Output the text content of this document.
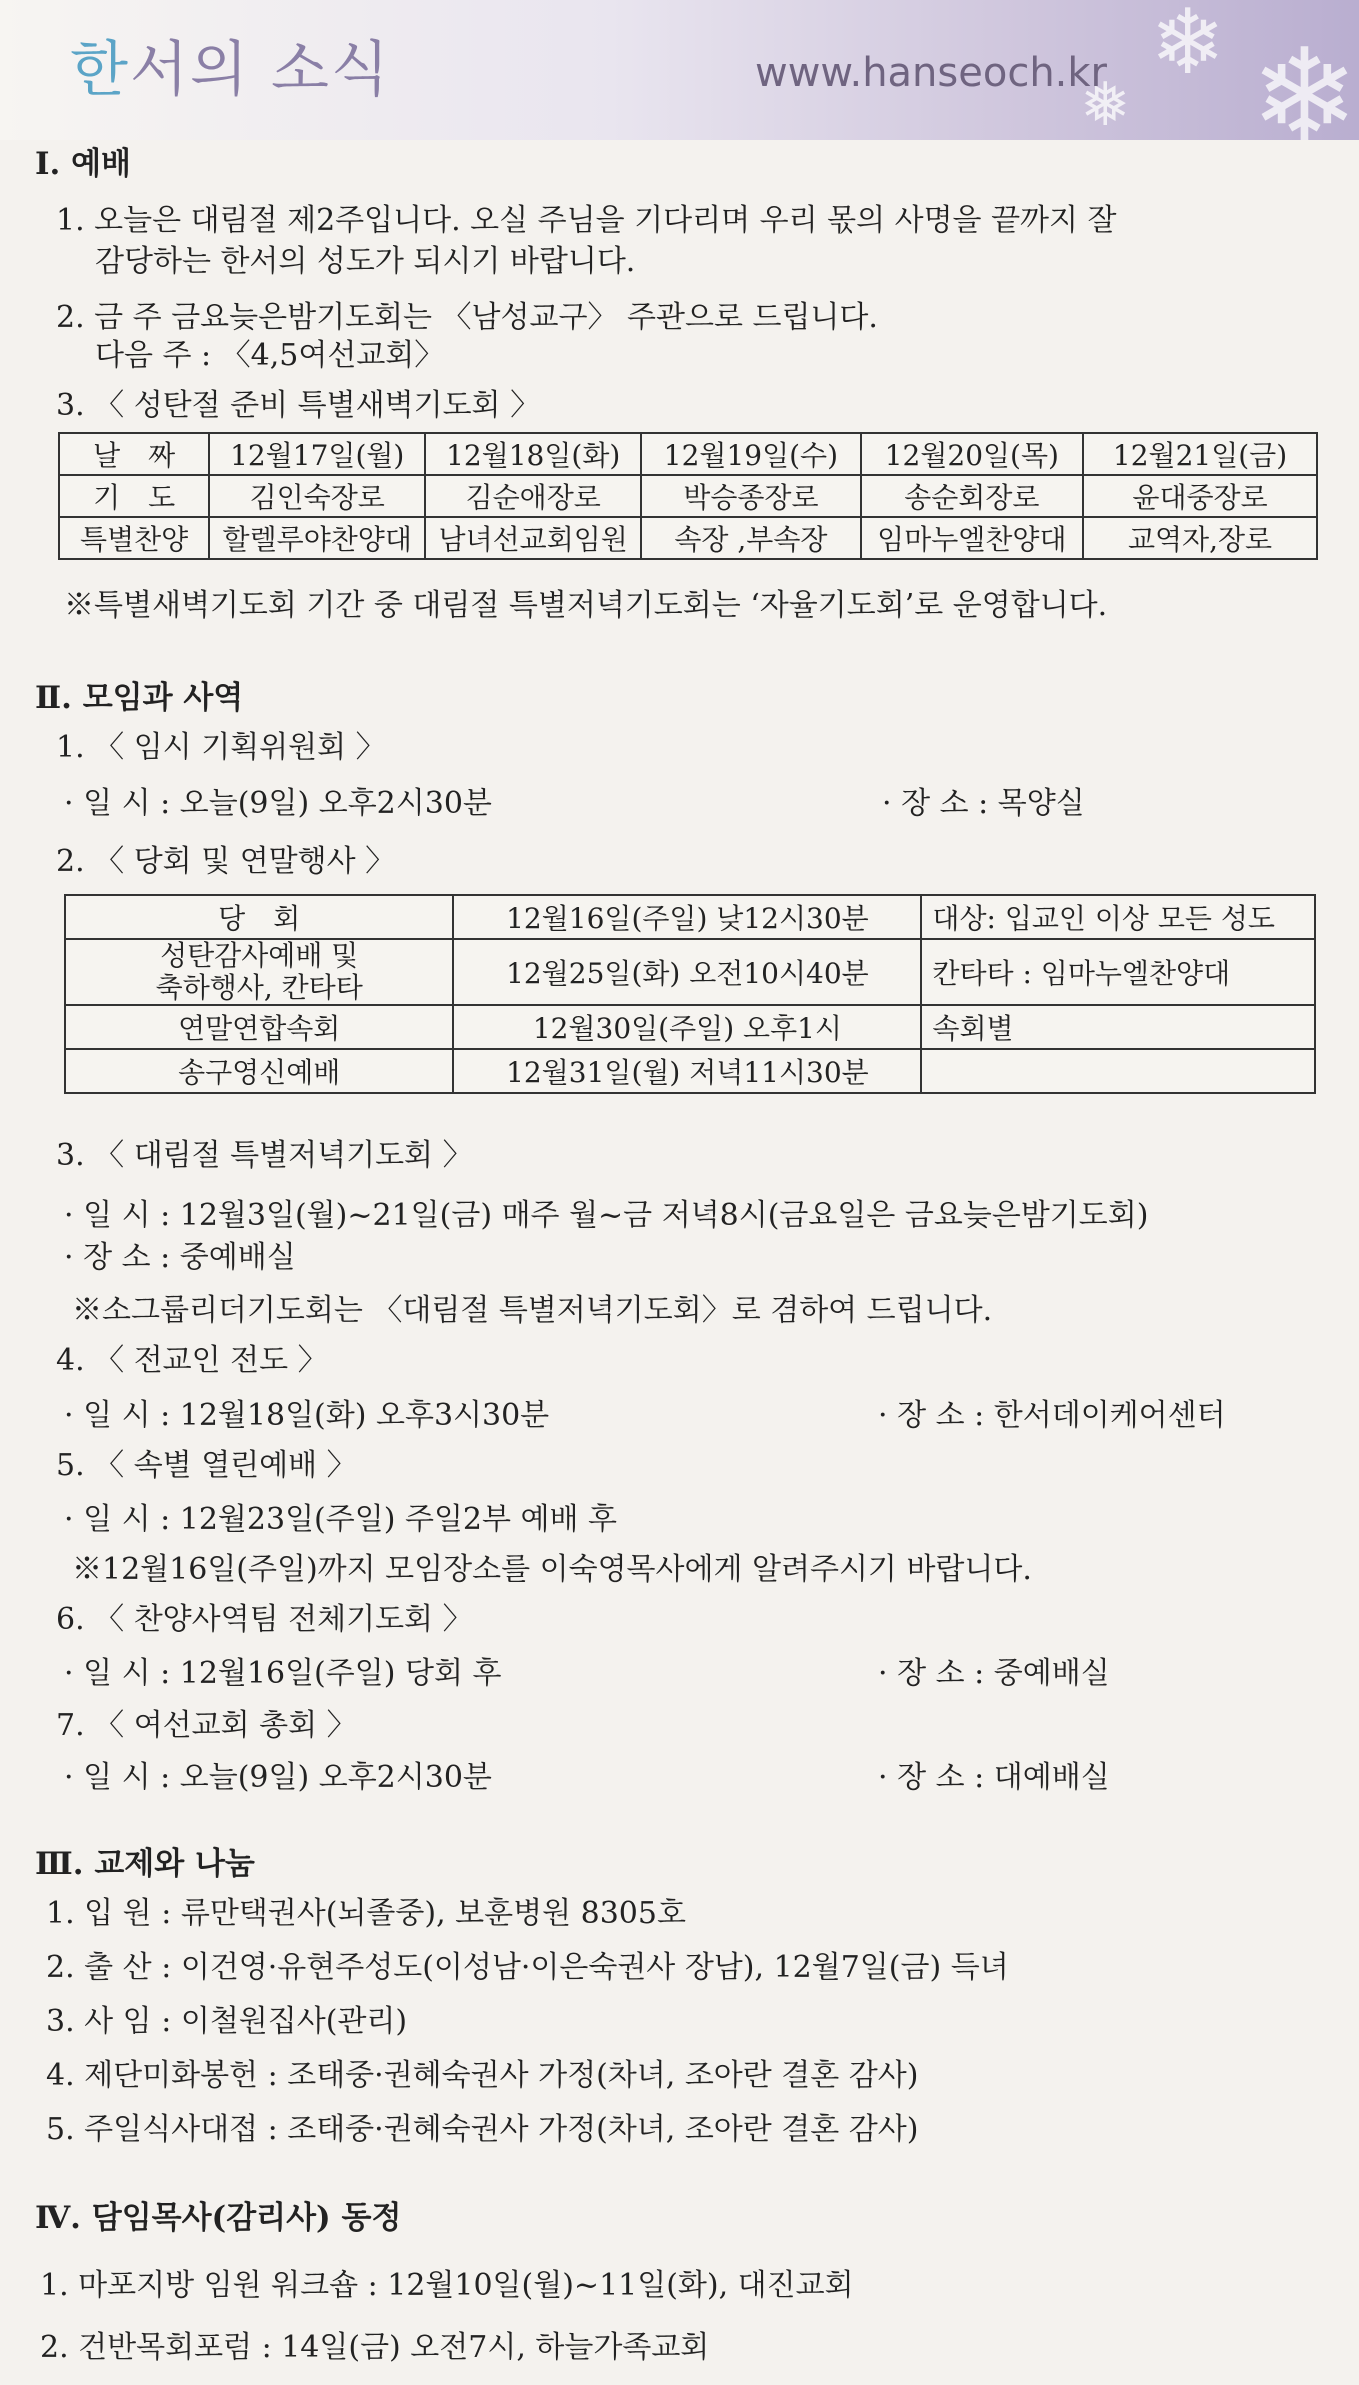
❄ ❄
❅
한서의 소식	www.hanseoch.kr
Ⅰ. 예배
1. 오늘은 대림절 제2주입니다. 오실 주님을 기다리며 우리 몫의 사명을 끝까지 잘
감당하는 한서의 성도가 되시기 바랍니다.
2. 금 주 금요늦은밤기도회는 〈남성교구〉 주관으로 드립니다.
다음 주 : 〈4,5여선교회〉
3. 〈 성탄절 준비 특별새벽기도회 〉
날　짜	12월17일(월)	12월18일(화)	12월19일(수)	12월20일(목)	12월21일(금)
기　도	김인숙장로	김순애장로	박승종장로	송순회장로	윤대중장로
특별찬양	할렐루야찬양대	남녀선교회임원	속장 ,부속장	임마누엘찬양대	교역자,장로
※특별새벽기도회 기간 중 대림절 특별저녁기도회는 ‘자율기도회’로 운영합니다.
Ⅱ. 모임과 사역
1. 〈 임시 기획위원회 〉
· 일 시 : 오늘(9일) 오후2시30분	· 장 소 : 목양실
2. 〈 당회 및 연말행사 〉
당　회	12월16일(주일) 낮12시30분	대상: 입교인 이상 모든 성도
성탄감사예배 및
축하행사, 칸타타	12월25일(화) 오전10시40분	칸타타 : 임마누엘찬양대
연말연합속회	12월30일(주일) 오후1시	속회별
송구영신예배	12월31일(월) 저녁11시30분	
3. 〈 대림절 특별저녁기도회 〉
· 일 시 : 12월3일(월)~21일(금) 매주 월~금 저녁8시(금요일은 금요늦은밤기도회)
· 장 소 : 중예배실
※소그룹리더기도회는 〈대림절 특별저녁기도회〉로 겸하여 드립니다.
4. 〈 전교인 전도 〉
· 일 시 : 12월18일(화) 오후3시30분	· 장 소 : 한서데이케어센터
5. 〈 속별 열린예배 〉
· 일 시 : 12월23일(주일) 주일2부 예배 후
※12월16일(주일)까지 모임장소를 이숙영목사에게 알려주시기 바랍니다.
6. 〈 찬양사역팀 전체기도회 〉
· 일 시 : 12월16일(주일) 당회 후	· 장 소 : 중예배실
7. 〈 여선교회 총회 〉
· 일 시 : 오늘(9일) 오후2시30분	· 장 소 : 대예배실
Ⅲ. 교제와 나눔
1. 입 원 : 류만택권사(뇌졸중), 보훈병원 8305호
2. 출 산 : 이건영·유현주성도(이성남·이은숙권사 장남), 12월7일(금) 득녀
3. 사 임 : 이철원집사(관리)
4. 제단미화봉헌 : 조태중·권혜숙권사 가정(차녀, 조아란 결혼 감사)
5. 주일식사대접 : 조태중·권혜숙권사 가정(차녀, 조아란 결혼 감사)
Ⅳ. 담임목사(감리사) 동정
1. 마포지방 임원 워크숍 : 12월10일(월)~11일(화), 대진교회
2. 건반목회포럼 : 14일(금) 오전7시, 하늘가족교회
